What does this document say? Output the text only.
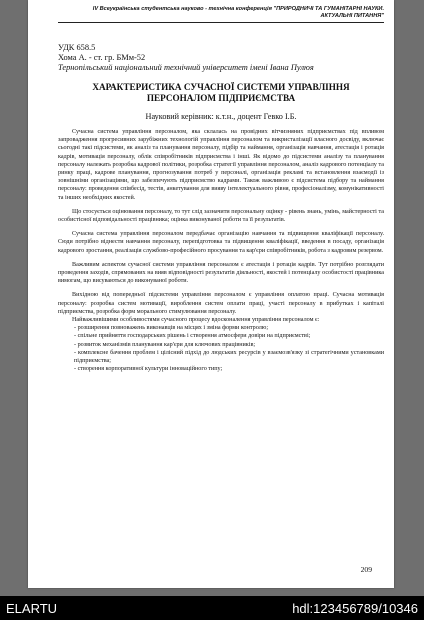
IV Всеукраїнська студентська науково - технічна конференція "ПРИРОДНИЧІ ТА ГУМАНІТАРНІ НАУКИ.
АКТУАЛЬНІ ПИТАННЯ"
УДК 658.5
Хома А. - ст. гр. БМм-52
Тернопільський національний технічний університет імені Івана Пулюя
ХАРАКТЕРИСТИКА СУЧАСНОЇ СИСТЕМИ УПРАВЛІННЯ ПЕРСОНАЛОМ ПІДПРИЄМСТВА
Науковий керівник: к.т.н., доцент Гевко І.Б.

Сучасна система управління персоналом, яка склалась на провідних вітчизняних підприємствах під впливом запровадження прогресивних зарубіжних технологій управління персоналом та викристалізації власного досвіду, включає сьогодні такі підсистеми, як аналіз та планування персоналу, підбір та наймання, організація навчання, атестація і ротація кадрів, мотивація персоналу, облік співробітників підприємства і інші. Як відомо до підсистеми аналізу та планування персоналу належать розробка кадрової політики, розробка стратегії управління персоналом, аналіз кадрового потенціалу та ринку праці, кадрове планування, прогнозування потреб у персоналі, організація рекламі та встановлення взаємодії із зовнішніми організаціями, що забезпечують підприємство кадрами. Також важливою є підсистема підбору та наймання персоналу: проведення співбесід, тестів, анкетування для вияву інтелектуального рівня, професіоналізму, комунікативності та інших необхідних якостей.

Що стосується оцінювання персоналу, то тут слід зазначити персональну оцінку - рівень знань, умінь, майстерності та особистісної відповідальності працівника; оцінка виконуваної роботи та її результатів.

Сучасна система управління персоналом передбачає організацію навчання та підвищення кваліфікації персоналу. Сюди потрібно віднести навчання персоналу, перепідготовка та підвищення кваліфікації, введення в посаду, організація кадрового зростання, реалізація службово-професійного просування та кар'єри співробітників, робота з кадровим резервом.

Важливим аспектом сучасної системи управління персоналом є атестація і ротація кадрів. Тут потрібно розглядати проведення заходів, спрямованих на вияв відповідності результатів діяльності, якостей і потенціалу особистості працівника вимогам, що висуваються до виконуваної роботи.

Вихідною від попередньої підсистеми управління персоналом є управління оплатою праці. Сучасна мотивація персоналу: розробка систем мотивації, вироблення систем оплати праці, участі персоналу в прибутках і капіталі підприємства, розробка форм морального стимулювання персоналу.

Найважливішими особливостями сучасного процесу вдосконалення управління персоналом є:

- розширення повноважень виконавців на місцях і зміна форми контролю;

- спільне прийняття господарських рішень і створення атмосфери довіри на підприємстві;

- розвиток механізмів планування кар'єри для ключових працівників;

- комплексне бачення проблем і цілісний підхід до людських ресурсів у взаємозв'язку зі стратегічними установками підприємства;

- створення корпоративної культури інноваційного типу;

209
ELARTU	hdl:123456789/10346
